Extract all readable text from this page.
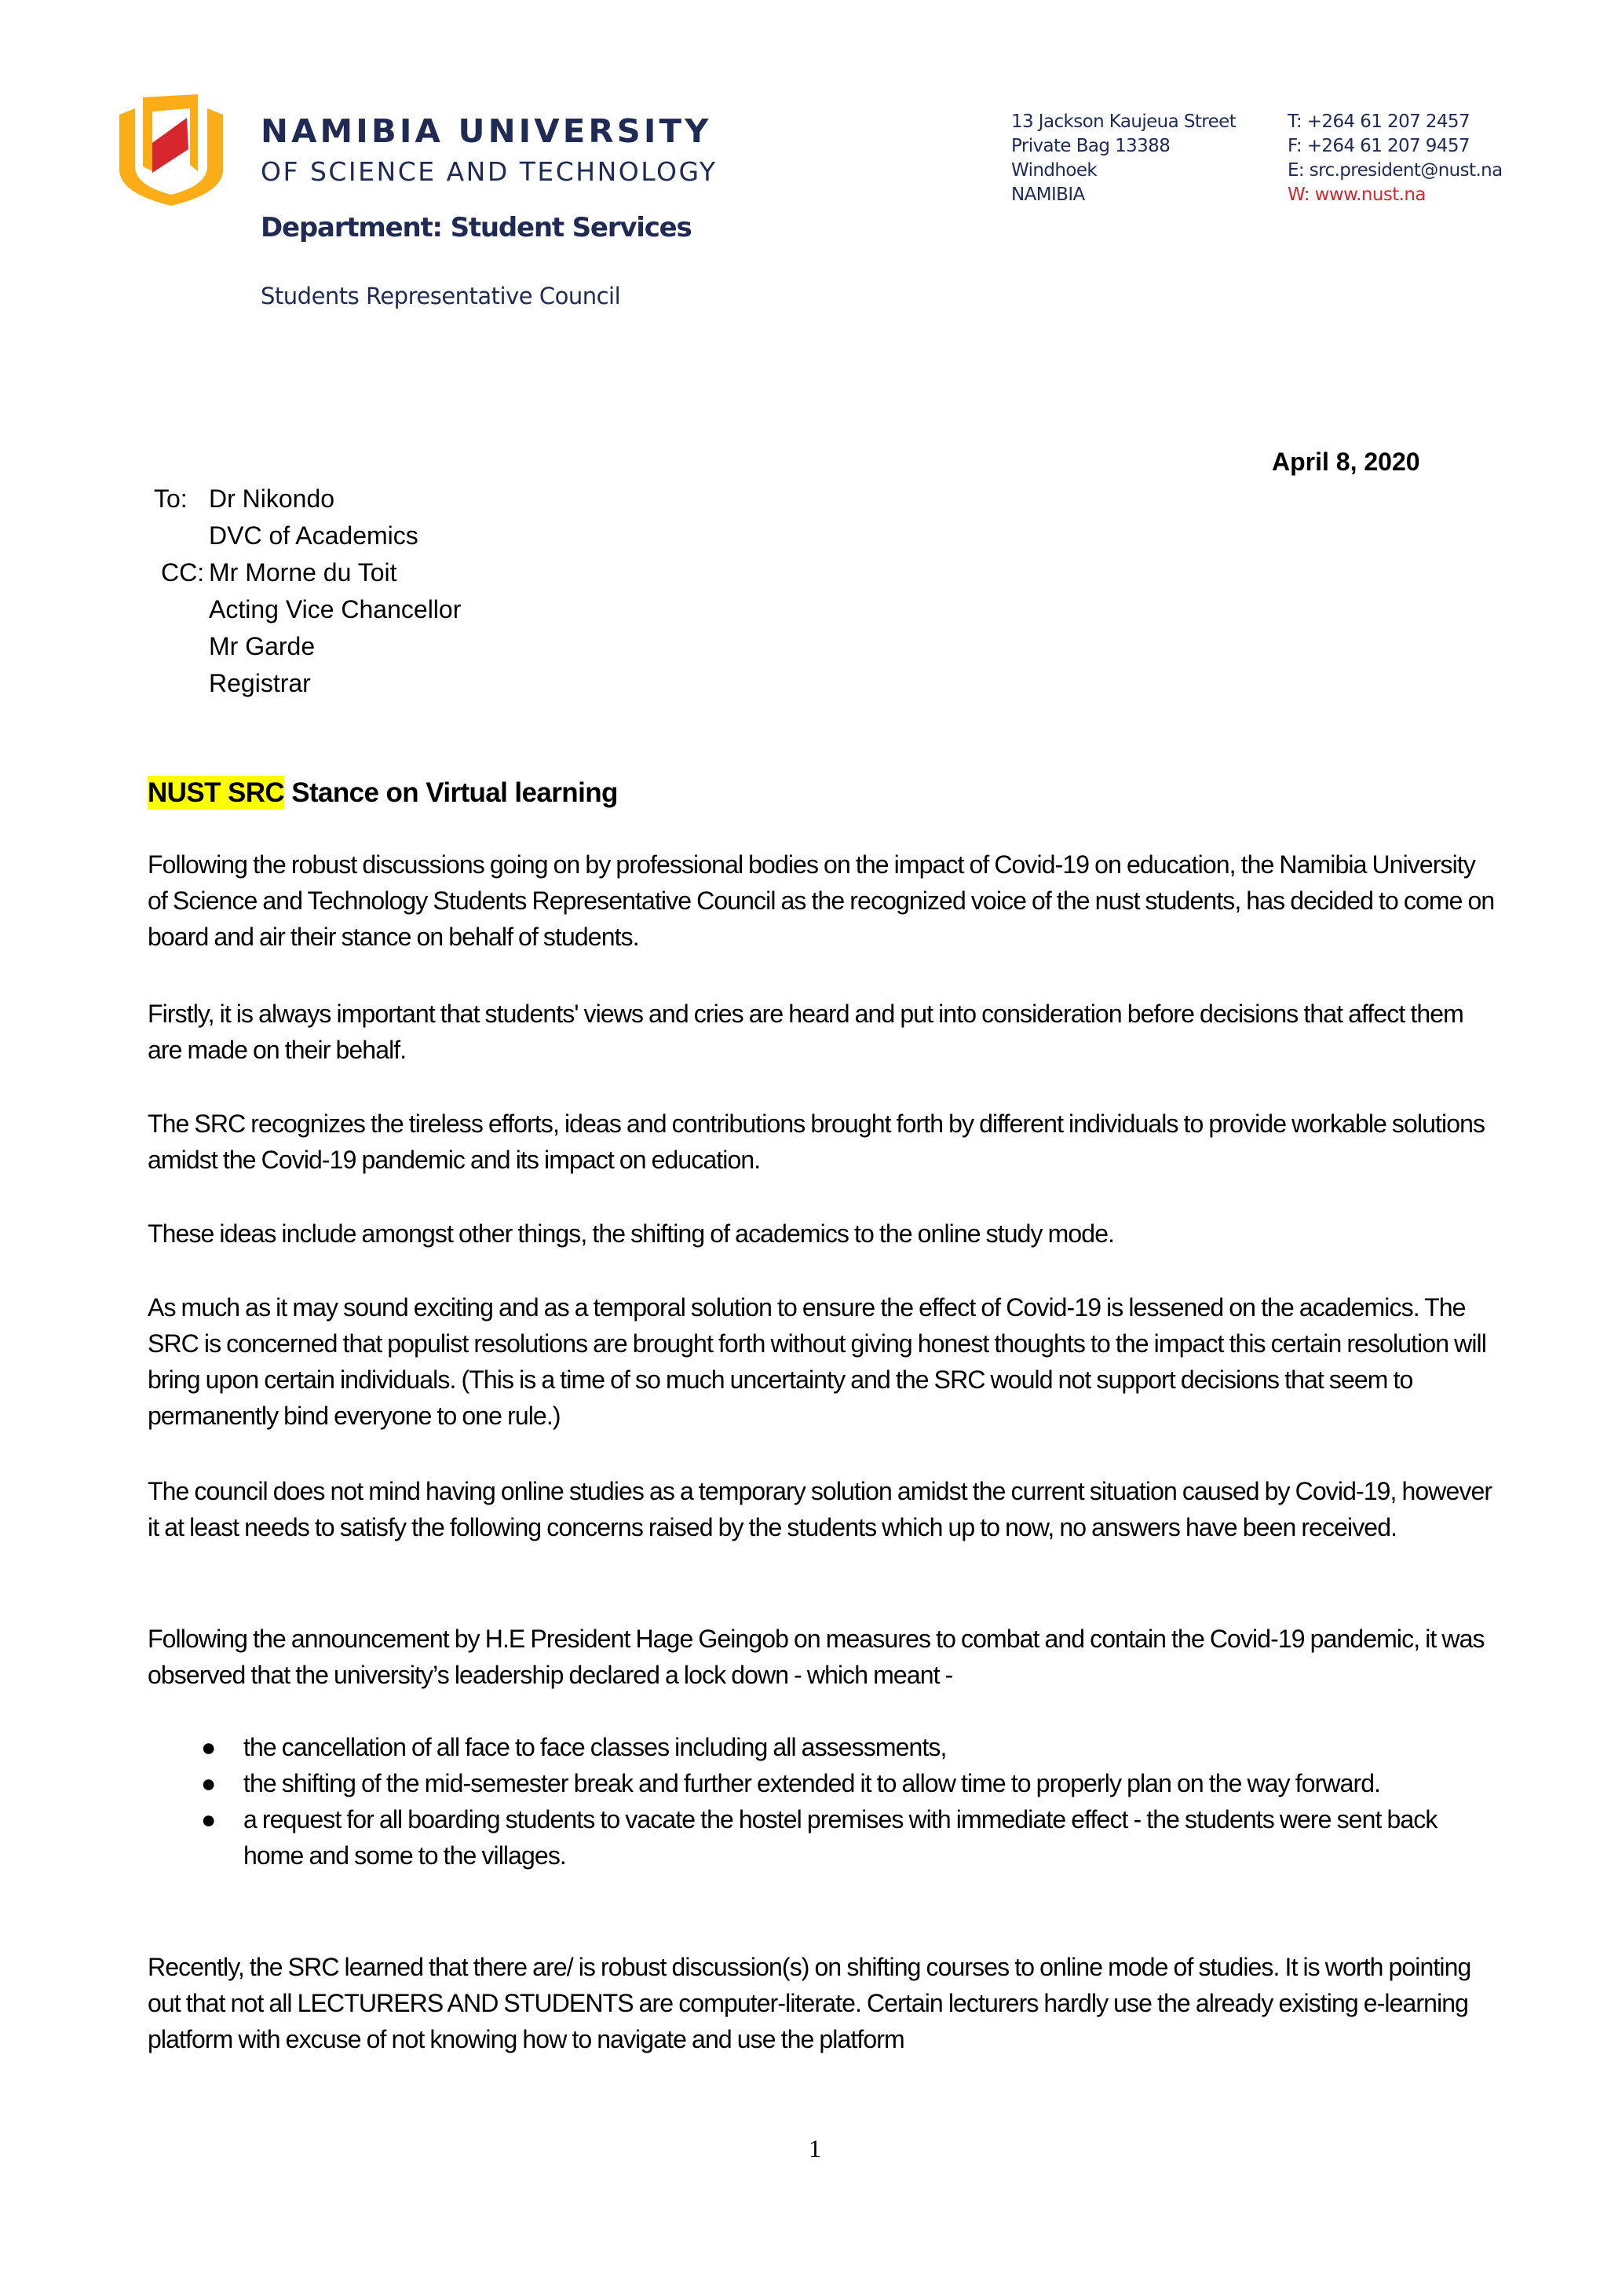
NAMIBIA UNIVERSITY
OF SCIENCE AND TECHNOLOGY
Department: Student Services
Students Representative Council
13 Jackson Kaujeua Street
Private Bag 13388
Windhoek
NAMIBIA
T: +264 61 207 2457
F: +264 61 207 9457
E: src.president@nust.na
W: www.nust.na
April 8, 2020
To: Dr Nikondo
DVC of Academics
CC: Mr Morne du Toit
Acting Vice Chancellor
Mr Garde
Registrar
NUST SRC Stance on Virtual learning

Following the robust discussions going on by professional bodies on the impact of Covid-19 on education, the Namibia University of Science and Technology Students Representative Council as the recognized voice of the nust students, has decided to come on board and air their stance on behalf of students.

Firstly, it is always important that students' views and cries are heard and put into consideration before decisions that affect them are made on their behalf.

The SRC recognizes the tireless efforts, ideas and contributions brought forth by different individuals to provide workable solutions amidst the Covid-19 pandemic and its impact on education.

These ideas include amongst other things, the shifting of academics to the online study mode.

As much as it may sound exciting and as a temporal solution to ensure the effect of Covid-19 is lessened on the academics. The SRC is concerned that populist resolutions are brought forth without giving honest thoughts to the impact this certain resolution will bring upon certain individuals. (This is a time of so much uncertainty and the SRC would not support decisions that seem to permanently bind everyone to one rule.)

The council does not mind having online studies as a temporary solution amidst the current situation caused by Covid-19, however it at least needs to satisfy the following concerns raised by the students which up to now, no answers have been received.

Following the announcement by H.E President Hage Geingob on measures to combat and contain the Covid-19 pandemic, it was observed that the university’s leadership declared a lock down - which meant -

● the cancellation of all face to face classes including all assessments,
● the shifting of the mid-semester break and further extended it to allow time to properly plan on the way forward.
● a request for all boarding students to vacate the hostel premises with immediate effect - the students were sent back home and some to the villages.

Recently, the SRC learned that there are/ is robust discussion(s) on shifting courses to online mode of studies. It is worth pointing out that not all LECTURERS AND STUDENTS are computer-literate. Certain lecturers hardly use the already existing e-learning platform with excuse of not knowing how to navigate and use the platform

1
